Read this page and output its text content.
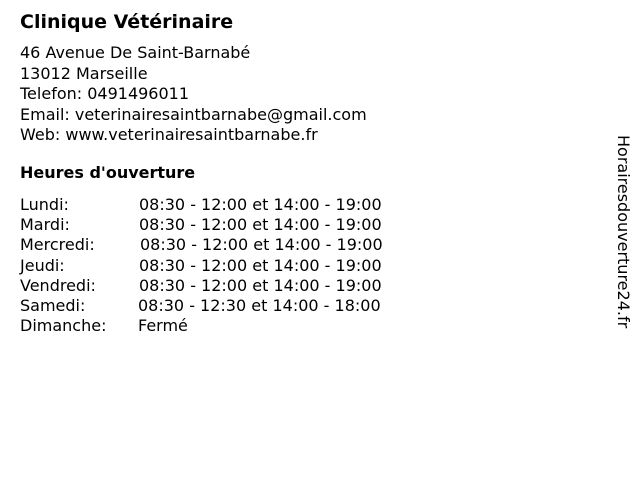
Clinique Vétérinaire
46 Avenue De Saint-Barnabé
13012 Marseille
Telefon: 0491496011
Email: veterinairesaintbarnabe@gmail.com
Web: www.veterinairesaintbarnabe.fr
Heures d'ouverture
Lundi:	08:30 - 12:00 et 14:00 - 19:00
Mardi:	08:30 - 12:00 et 14:00 - 19:00
Mercredi:	08:30 - 12:00 et 14:00 - 19:00
Jeudi:	08:30 - 12:00 et 14:00 - 19:00
Vendredi:	08:30 - 12:00 et 14:00 - 19:00
Samedi:	08:30 - 12:30 et 14:00 - 18:00
Dimanche: Fermé	Horairesdouverture24.fr
